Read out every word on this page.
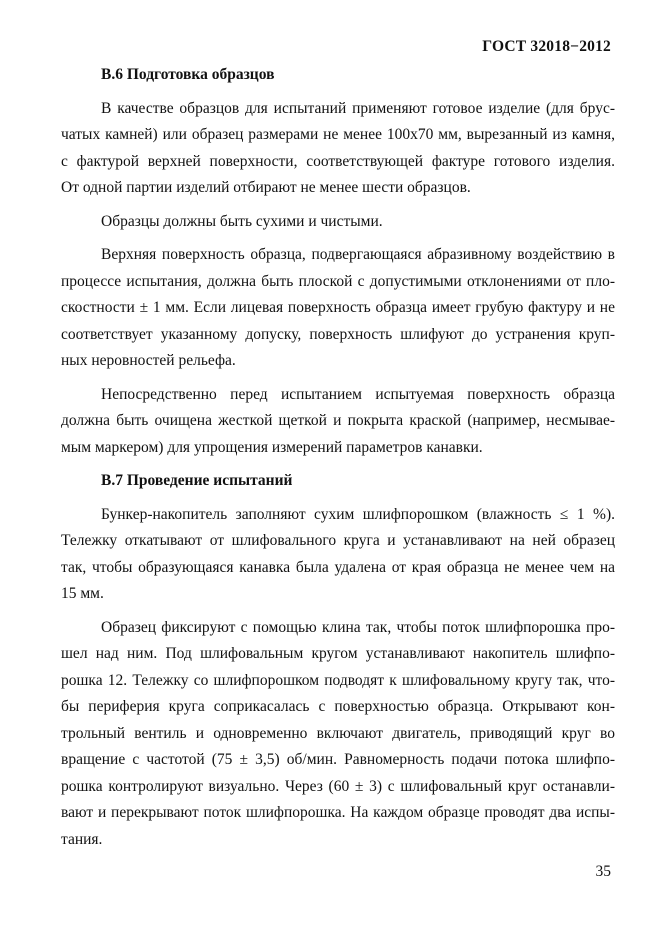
ГОСТ 32018−2012

В.6 Подготовка образцов

В качестве образцов для испытаний применяют готовое изделие (для брус-
чатых камней) или образец размерами не менее 100х70 мм, вырезанный из камня,
с фактурой верхней поверхности, соответствующей фактуре готового изделия.
От одной партии изделий отбирают не менее шести образцов.

Образцы должны быть сухими и чистыми.

Верхняя поверхность образца, подвергающаяся абразивному воздействию в
процессе испытания, должна быть плоской с допустимыми отклонениями от пло-
скостности ± 1 мм. Если лицевая поверхность образца имеет грубую фактуру и не
соответствует указанному допуску, поверхность шлифуют до устранения круп-
ных неровностей рельефа.

Непосредственно перед испытанием испытуемая поверхность образца
должна быть очищена жесткой щеткой и покрыта краской (например, несмывае-
мым маркером) для упрощения измерений параметров канавки.

В.7 Проведение испытаний

Бункер-накопитель заполняют сухим шлифпорошком (влажность ≤ 1 %).
Тележку откатывают от шлифовального круга и устанавливают на ней образец
так, чтобы образующаяся канавка была удалена от края образца не менее чем на
15 мм.

Образец фиксируют с помощью клина так, чтобы поток шлифпорошка про-
шел над ним. Под шлифовальным кругом устанавливают накопитель шлифпо-
рошка 12. Тележку со шлифпорошком подводят к шлифовальному кругу так, что-
бы периферия круга соприкасалась с поверхностью образца. Открывают кон-
трольный вентиль и одновременно включают двигатель, приводящий круг во
вращение с частотой (75 ± 3,5) об/мин. Равномерность подачи потока шлифпо-
рошка контролируют визуально. Через (60 ± 3) с шлифовальный круг останавли-
вают и перекрывают поток шлифпорошка. На каждом образце проводят два испы-
тания.

35
